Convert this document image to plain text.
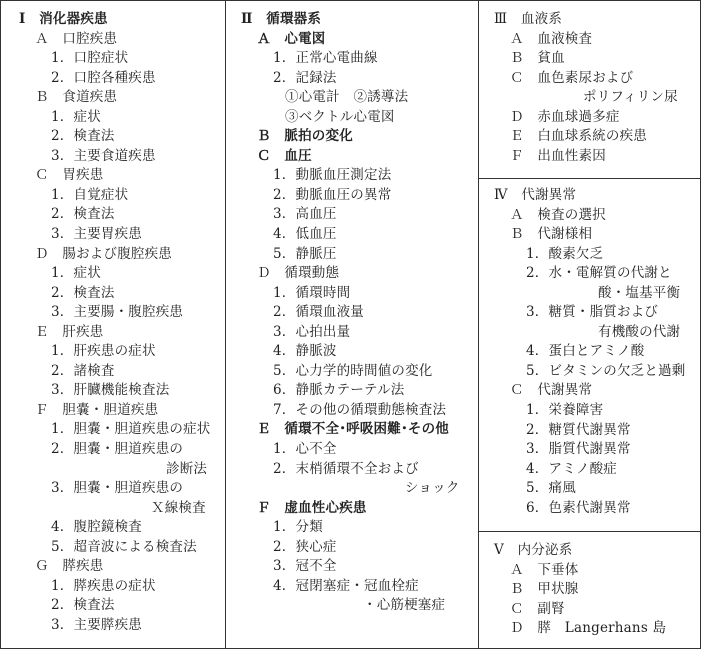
Ⅰ　消化器疾患
Ａ　口腔疾患
1．口腔症状
2．口腔各種疾患
Ｂ　食道疾患
1．症状
2．検査法
3．主要食道疾患
Ｃ　胃疾患
1．自覚症状
2．検査法
3．主要胃疾患
Ｄ　腸および腹腔疾患
1．症状
2．検査法
3．主要腸・腹腔疾患
Ｅ　肝疾患
1．肝疾患の症状
2．諸検査
3．肝臓機能検査法
Ｆ　胆嚢・胆道疾患
1．胆嚢・胆道疾患の症状
2．胆嚢・胆道疾患の
診断法
3．胆嚢・胆道疾患の
Ｘ線検査
4．腹腔鏡検査
5．超音波による検査法
Ｇ　膵疾患
1．膵疾患の症状
2．検査法
3．主要膵疾患
Ⅱ　循環器系
Ａ　心電図
1．正常心電曲線
2．記録法
①心電計　②誘導法
③ベクトル心電図
Ｂ　脈拍の変化
Ｃ　血圧
1．動脈血圧測定法
2．動脈血圧の異常
3．高血圧
4．低血圧
5．静脈圧
Ｄ　循環動態
1．循環時間
2．循環血液量
3．心拍出量
4．静脈波
5．心力学的時間値の変化
6．静脈カテーテル法
7．その他の循環動態検査法
Ｅ　循環不全･呼吸困難･その他
1．心不全
2．末梢循環不全および
ショック
Ｆ　虚血性心疾患
1．分類
2．狭心症
3．冠不全
4．冠閉塞症・冠血栓症
・心筋梗塞症
Ⅲ　血液系
Ａ　血液検査
Ｂ　貧血
Ｃ　血色素尿および
ポリフィリン尿
Ｄ　赤血球過多症
Ｅ　白血球系統の疾患
Ｆ　出血性素因
Ⅳ　代謝異常
Ａ　検査の選択
Ｂ　代謝様相
1．酸素欠乏
2．水・電解質の代謝と
酸・塩基平衡
3．糖質・脂質および
有機酸の代謝
4．蛋白とアミノ酸
5．ビタミンの欠乏と過剰
Ｃ　代謝異常
1．栄養障害
2．糖質代謝異常
3．脂質代謝異常
4．アミノ酸症
5．痛風
6．色素代謝異常
Ⅴ　内分泌系
Ａ　下垂体
Ｂ　甲状腺
Ｃ　副腎
Ｄ　膵　Langerhans 島
